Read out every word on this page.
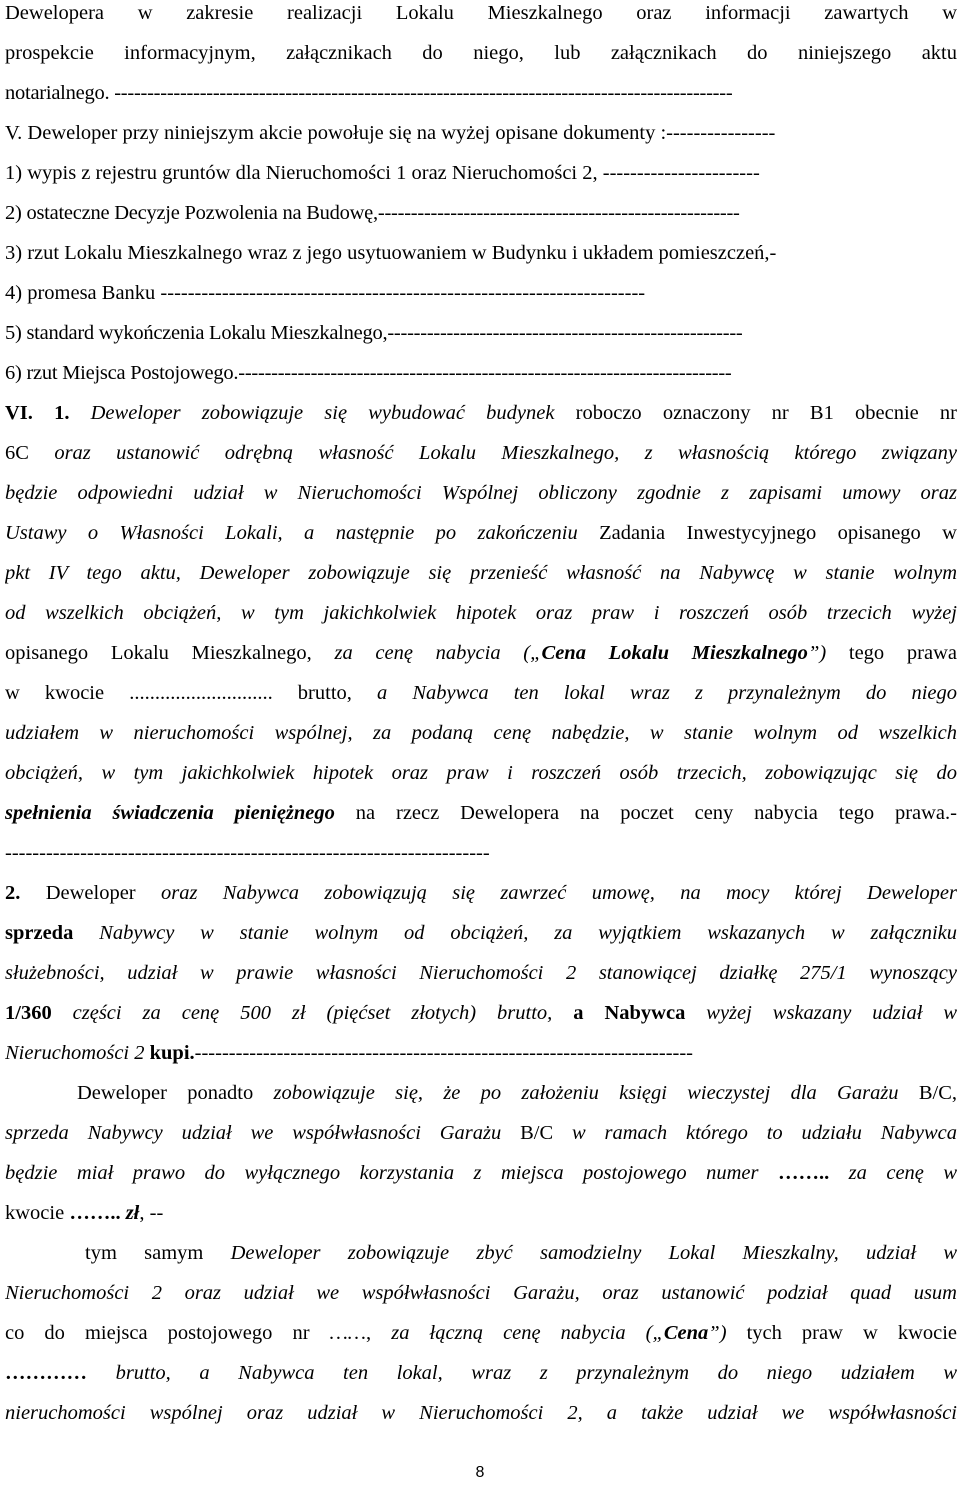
Dewelopera w zakresie realizacji Lokalu Mieszkalnego oraz informacji zawartych w

prospekcie informacyjnym, załącznikach do niego, lub załącznikach do niniejszego aktu

notarialnego. ----------------------------------------------------------------------------------------------

V. Deweloper przy niniejszym akcie powołuje się na wyżej opisane dokumenty :----------------

1) wypis z rejestru gruntów dla Nieruchomości 1 oraz Nieruchomości 2, -----------------------

2) ostateczne Decyzje Pozwolenia na Budowę,-------------------------------------------------------

3) rzut Lokalu Mieszkalnego wraz z jego usytuowaniem w Budynku i układem pomieszczeń,-

4) promesa Banku -----------------------------------------------------------------------

5) standard wykończenia Lokalu Mieszkalnego,------------------------------------------------------

6) rzut Miejsca Postojowego.---------------------------------------------------------------------------

VI. 1. Deweloper zobowiązuje się wybudować budynek roboczo oznaczony nr B1 obecnie nr

6C oraz ustanowić odrębną własność Lokalu Mieszkalnego, z własnością którego związany

będzie odpowiedni udział w Nieruchomości Wspólnej obliczony zgodnie z zapisami umowy oraz

Ustawy o Własności Lokali, a następnie po zakończeniu Zadania Inwestycyjnego opisanego w

pkt IV tego aktu, Deweloper zobowiązuje się przenieść własność na Nabywcę w stanie wolnym

od wszelkich obciążeń, w tym jakichkolwiek hipotek oraz praw i roszczeń osób trzecich wyżej

opisanego Lokalu Mieszkalnego, za cenę nabycia („Cena Lokalu Mieszkalnego”) tego prawa

w kwocie ............................ brutto, a Nabywca ten lokal wraz z przynależnym do niego

udziałem w nieruchomości wspólnej, za podaną cenę nabędzie, w stanie wolnym od wszelkich

obciążeń, w tym jakichkolwiek hipotek oraz praw i roszczeń osób trzecich, zobowiązując się do

spełnienia świadczenia pieniężnego na rzecz Dewelopera na poczet ceny nabycia tego prawa.-

-----------------------------------------------------------------------

2. Deweloper oraz Nabywca zobowiązują się zawrzeć umowę, na mocy której Deweloper

sprzeda Nabywcy w stanie wolnym od obciążeń, za wyjątkiem wskazanych w załączniku

służebności, udział w prawie własności Nieruchomości 2 stanowiącej działkę 275/1 wynoszący

1/360 części za cenę 500 zł (pięćset złotych) brutto, a Nabywca wyżej wskazany udział w

Nieruchomości 2 kupi.-------------------------------------------------------------------------

Deweloper ponadto zobowiązuje się, że po założeniu księgi wieczystej dla Garażu B/C,

sprzeda Nabywcy udział we współwłasności Garażu B/C w ramach którego to udziału Nabywca

będzie miał prawo do wyłącznego korzystania z miejsca postojowego numer …….. za cenę w

kwocie …….. zł, --

tym samym Deweloper zobowiązuje zbyć samodzielny Lokal Mieszkalny, udział w

Nieruchomości 2 oraz udział we współwłasności Garażu, oraz ustanowić podział quad usum

co do miejsca postojowego nr ……, za łączną cenę nabycia („Cena”) tych praw w kwocie

………… brutto, a Nabywca ten lokal, wraz z przynależnym do niego udziałem w

nieruchomości wspólnej oraz udział w Nieruchomości 2, a także udział we współwłasności

8
